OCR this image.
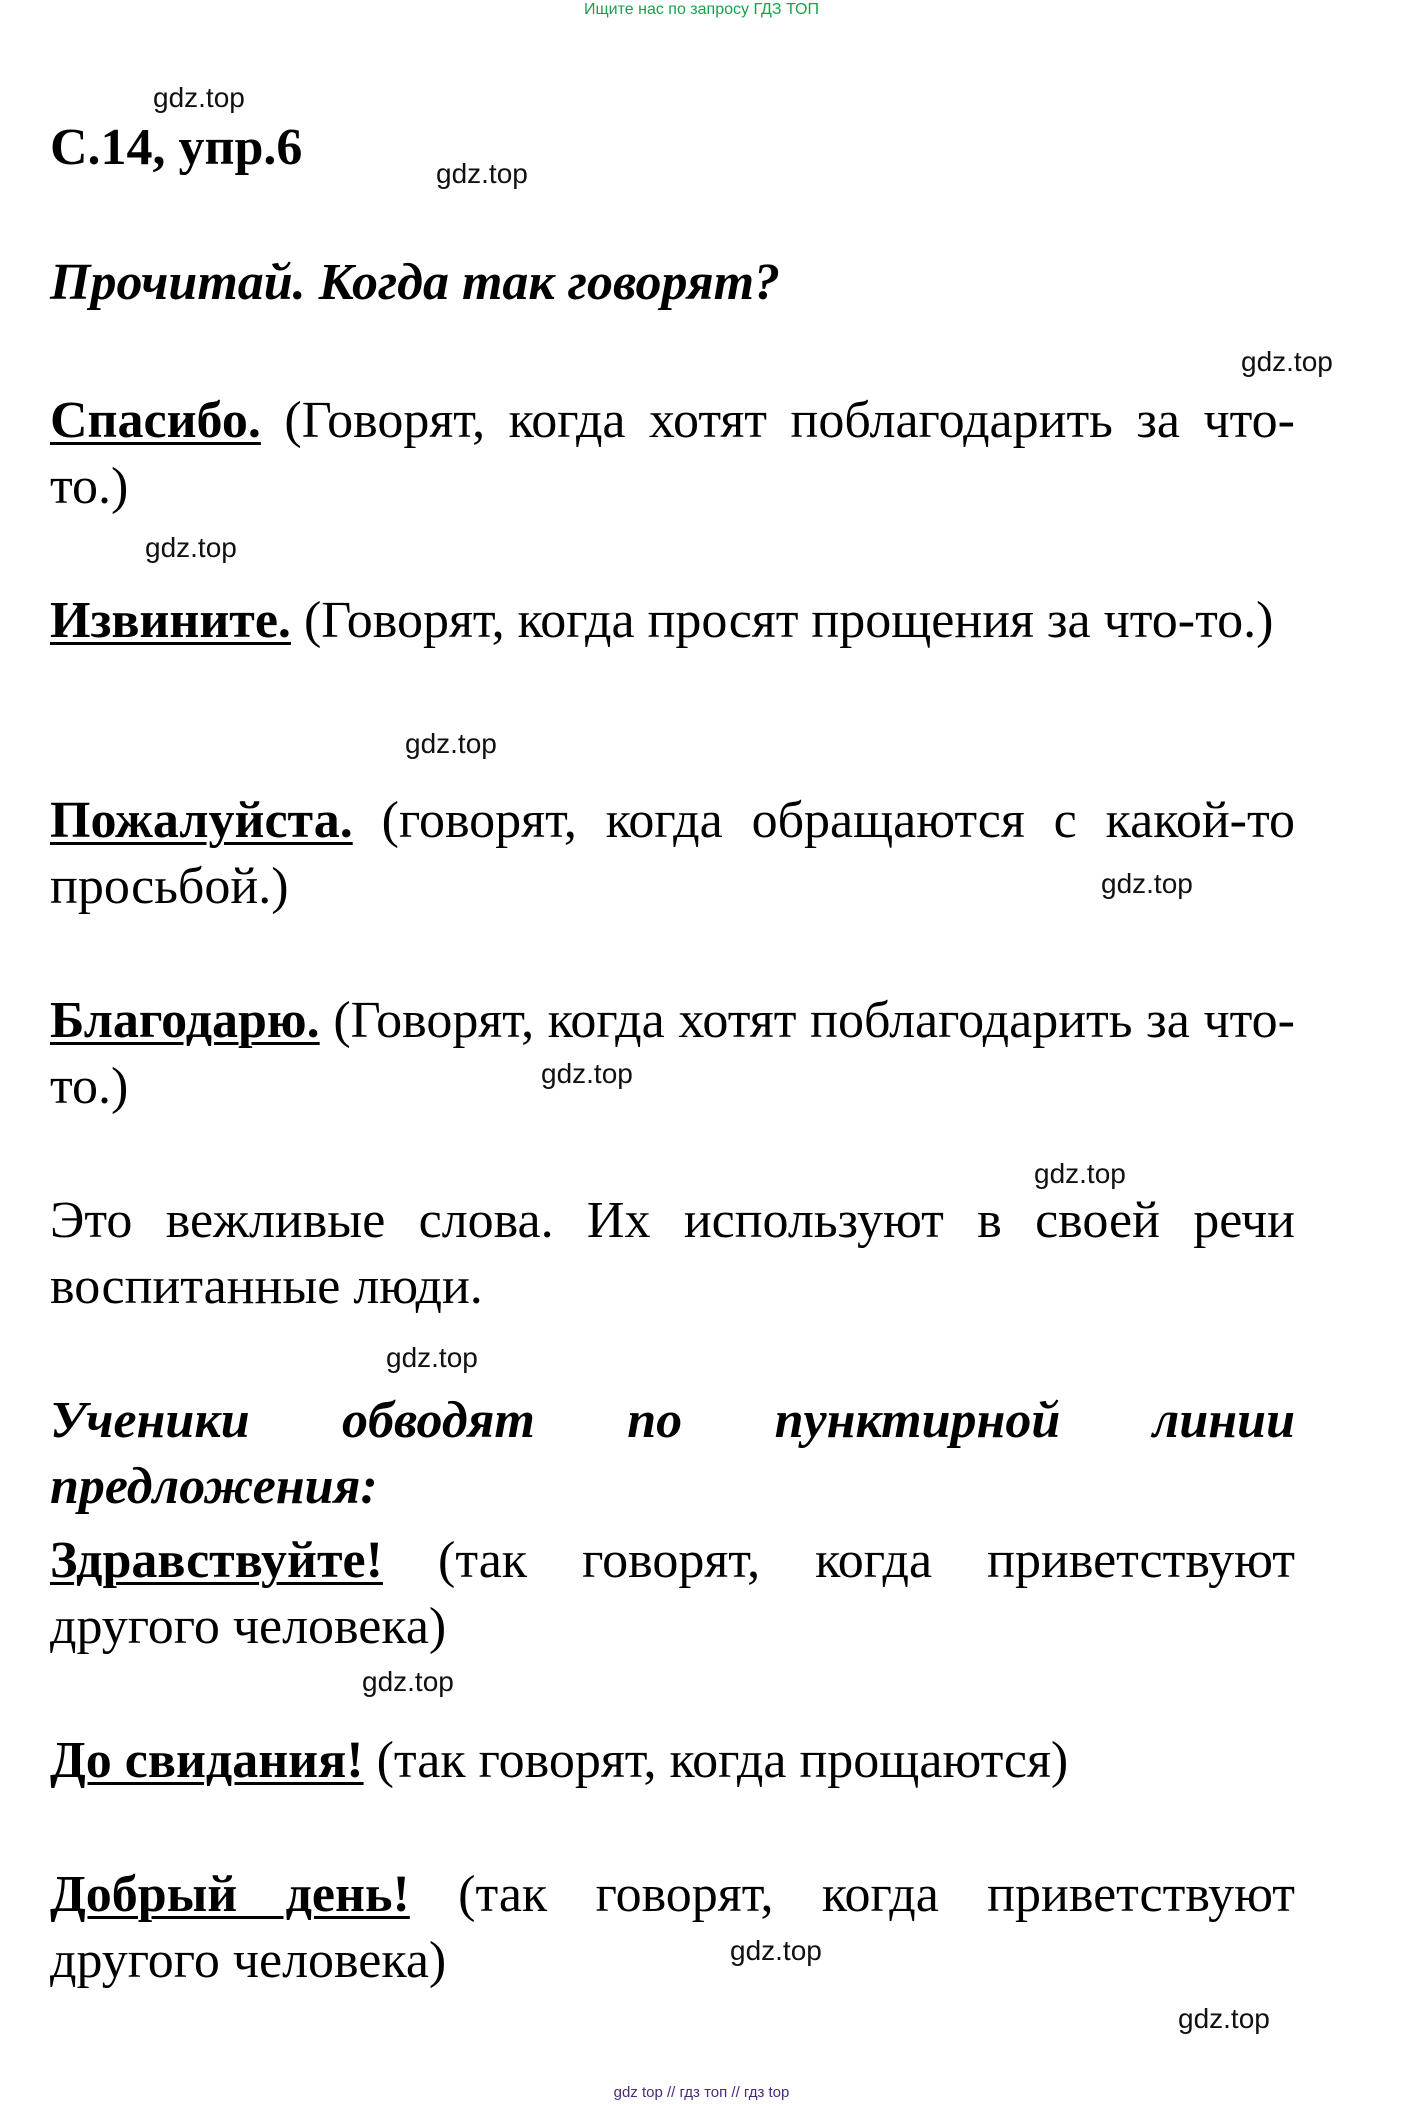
Ищите нас по запросу ГДЗ ТОП
gdz.top
С.14, упр.6	gdz.top
Прочитай. Когда так говорят?
gdz.top
Спасибо. (Говорят, когда хотят поблагодарить за что-то.)
gdz.top
Извините. (Говорят, когда просят прощения за что-то.)
gdz.top
Пожалуйста. (говорят, когда обращаются с какой-то просьбой.)	gdz.top
Благодарю. (Говорят, когда хотят поблагодарить за что-то.)	gdz.top
gdz.top
Это вежливые слова. Их используют в своей речи воспитанные люди.
gdz.top
Ученики обводят по пунктирной линии
предложения:
Здравствуйте! (так говорят, когда приветствуют другого человека)
gdz.top
До свидания! (так говорят, когда прощаются)
Добрый день! (так говорят, когда приветствуют другого человека)	gdz.top
gdz.top
gdz top // гдз топ // гдз top
